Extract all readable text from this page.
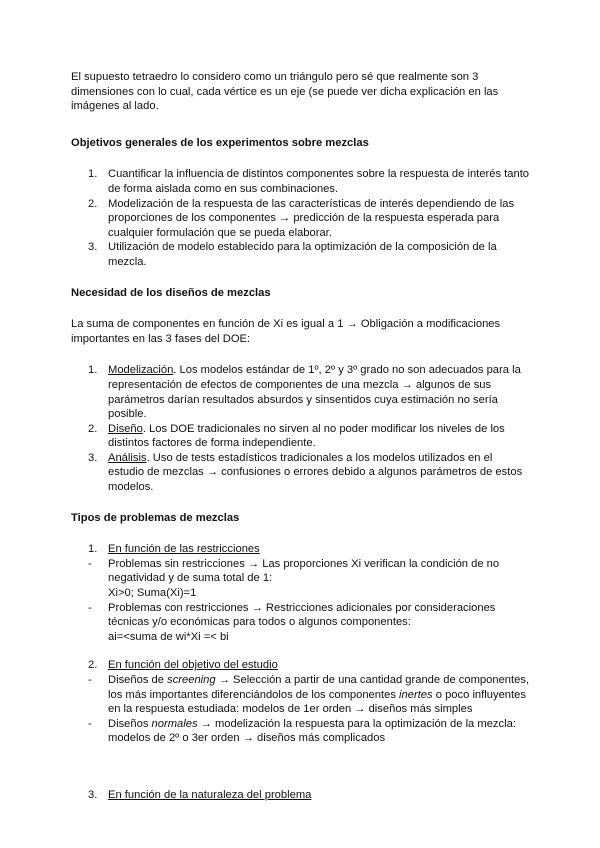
El supuesto tetraedro lo considero como un triángulo pero sé que realmente son 3 dimensiones con lo cual, cada vértice es un eje (se puede ver dicha explicación en las imágenes al lado.

Objetivos generales de los experimentos sobre mezclas
1. Cuantificar la influencia de distintos componentes sobre la respuesta de interés tanto de forma aislada como en sus combinaciones.
2. Modelización de la respuesta de las características de interés dependiendo de las proporciones de los componentes → predicción de la respuesta esperada para cualquier formulación que se pueda elaborar.
3. Utilización de modelo establecido para la optimización de la composición de la mezcla.
Necesidad de los diseños de mezclas

La suma de componentes en función de Xi es igual a 1 → Obligación a modificaciones importantes en las 3 fases del DOE:

1. Modelización. Los modelos estándar de 1º, 2º y 3º grado no son adecuados para la representación de efectos de componentes de una mezcla → algunos de sus parámetros darían resultados absurdos y sinsentidos cuya estimación no sería posible.
2. Diseño. Los DOE tradicionales no sirven al no poder modificar los niveles de los distintos factores de forma independiente.
3. Análisis. Uso de tests estadísticos tradicionales a los modelos utilizados en el estudio de mezclas → confusiones o errores debido a algunos parámetros de estos modelos.
Tipos de problemas de mezclas
1. En función de las restricciones
- Problemas sin restricciones → Las proporciones Xi verifican la condición de no negatividad y de suma total de 1:
Xi>0; Suma(Xi)=1
- Problemas con restricciones → Restricciones adicionales por consideraciones técnicas y/o económicas para todos o algunos componentes:
ai=<suma de wi*Xi =< bi
2. En función del objetivo del estudio
- Diseños de screening → Selección a partir de una cantidad grande de componentes, los más importantes diferenciándolos de los componentes inertes o poco influyentes en la respuesta estudiada: modelos de 1er orden → diseños más simples
- Diseños normales → modelización la respuesta para la optimización de la mezcla: modelos de 2º o 3er orden → diseños más complicados
3. En función de la naturaleza del problema
